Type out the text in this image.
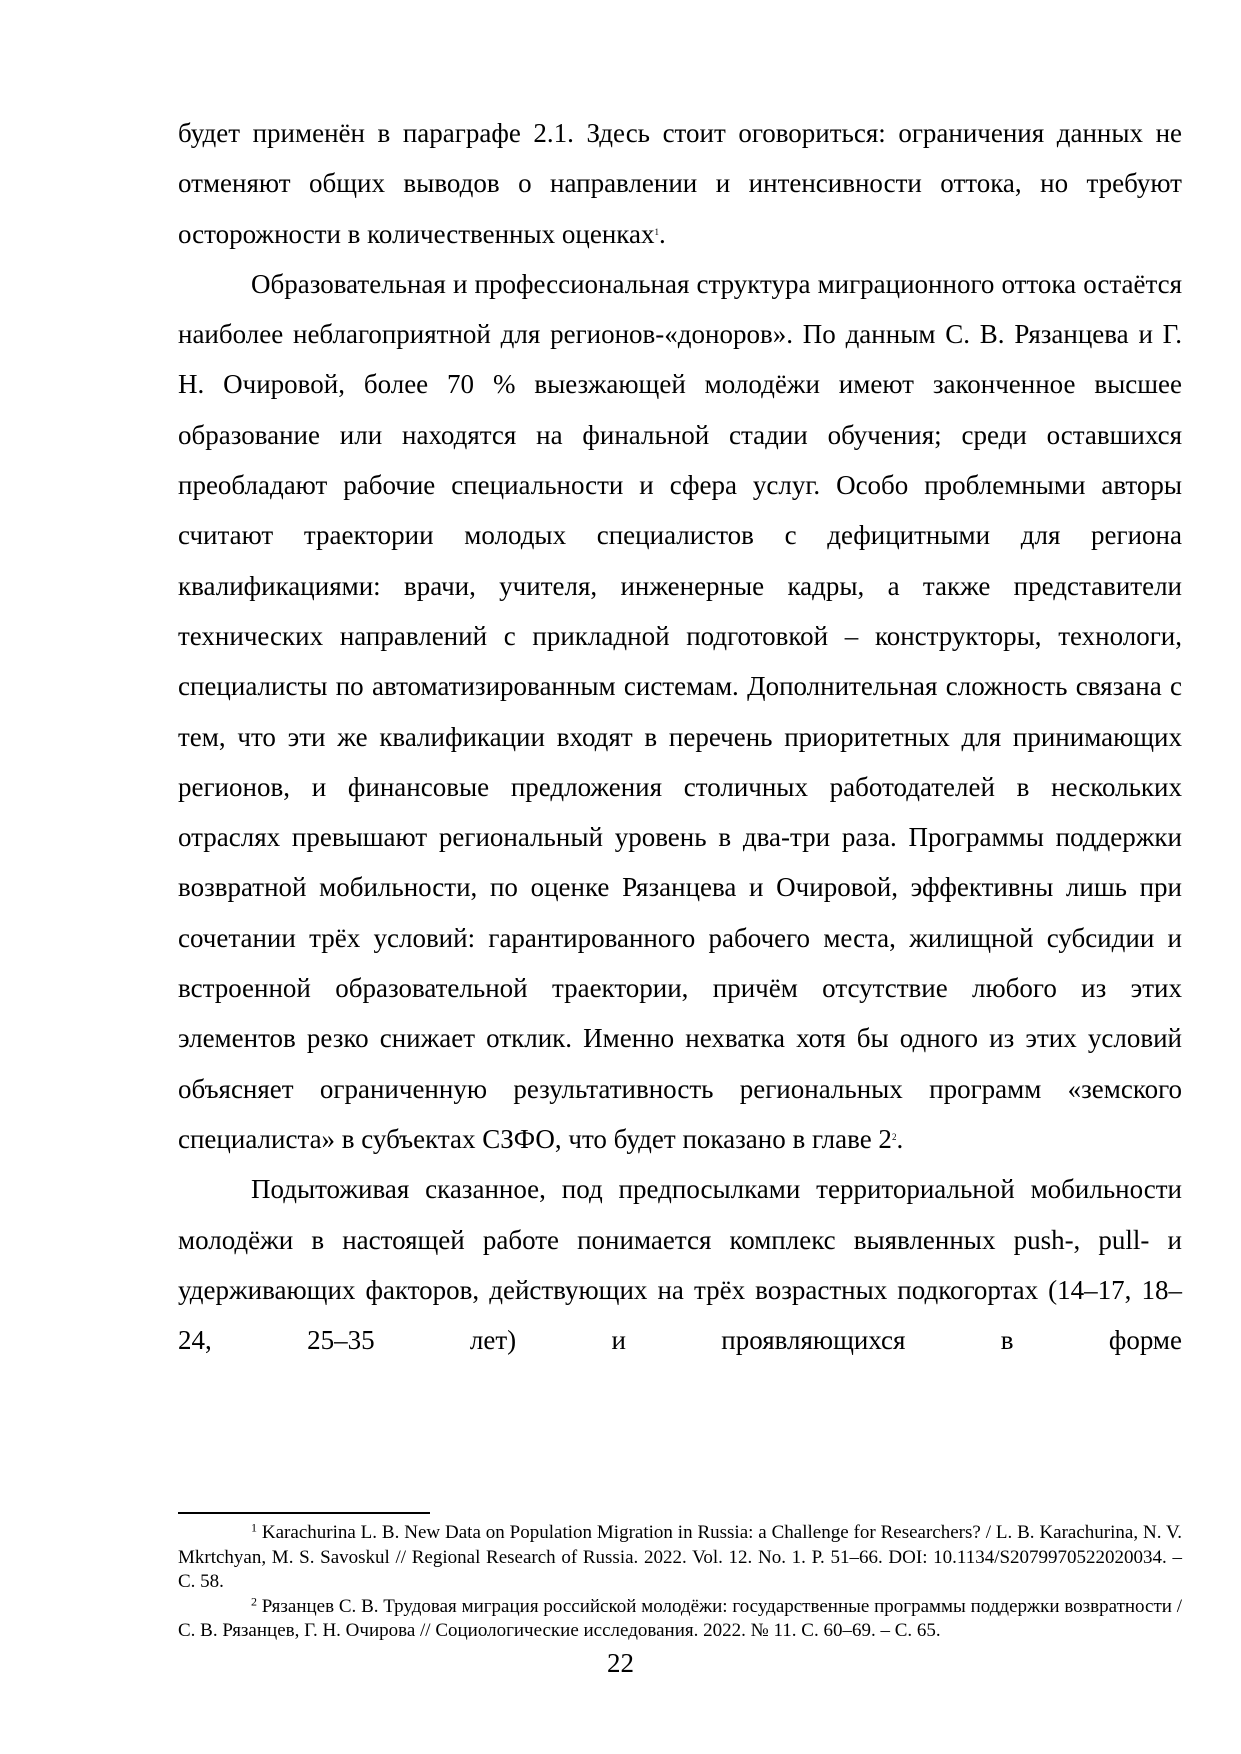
будет применён в параграфе 2.1. Здесь стоит оговориться: ограничения данных не отменяют общих выводов о направлении и интенсивности оттока, но требуют осторожности в количественных оценках$^1$.

Образовательная и профессиональная структура миграционного оттока остаётся наиболее неблагоприятной для регионов-«доноров». По данным С. В. Рязанцева и Г. Н. Очировой, более 70 % выезжающей молодёжи имеют законченное высшее образование или находятся на финальной стадии обучения; среди оставшихся преобладают рабочие специальности и сфера услуг. Особо проблемными авторы считают траектории молодых специалистов с дефицитными для региона квалификациями: врачи, учителя, инженерные кадры, а также представители технических направлений с прикладной подготовкой – конструкторы, технологи, специалисты по автоматизированным системам. Дополнительная сложность связана с тем, что эти же квалификации входят в перечень приоритетных для принимающих регионов, и финансовые предложения столичных работодателей в нескольких отраслях превышают региональный уровень в два-три раза. Программы поддержки возвратной мобильности, по оценке Рязанцева и Очировой, эффективны лишь при сочетании трёх условий: гарантированного рабочего места, жилищной субсидии и встроенной образовательной траектории, причём отсутствие любого из этих элементов резко снижает отклик. Именно нехватка хотя бы одного из этих условий объясняет ограниченную результативность региональных программ «земского специалиста» в субъектах СЗФО, что будет показано в главе 2$^2$.

Подытоживая сказанное, под предпосылками территориальной мобильности молодёжи в настоящей работе понимается комплекс выявленных push-, pull- и удерживающих факторов, действующих на трёх возрастных подкогортах (14–17, 18–24, 25–35 лет) и проявляющихся в форме

$^1$ Karachurina L. B. New Data on Population Migration in Russia: a Challenge for Researchers? / L. B. Karachurina, N. V. Mkrtchyan, M. S. Savoskul // Regional Research of Russia. 2022. Vol. 12. No. 1. P. 51–66. DOI: 10.1134/S2079970522020034. – С. 58.

$^2$ Рязанцев С. В. Трудовая миграция российской молодёжи: государственные программы поддержки возвратности / С. В. Рязанцев, Г. Н. Очирова // Социологические исследования. 2022. № 11. С. 60–69. – С. 65.

22
